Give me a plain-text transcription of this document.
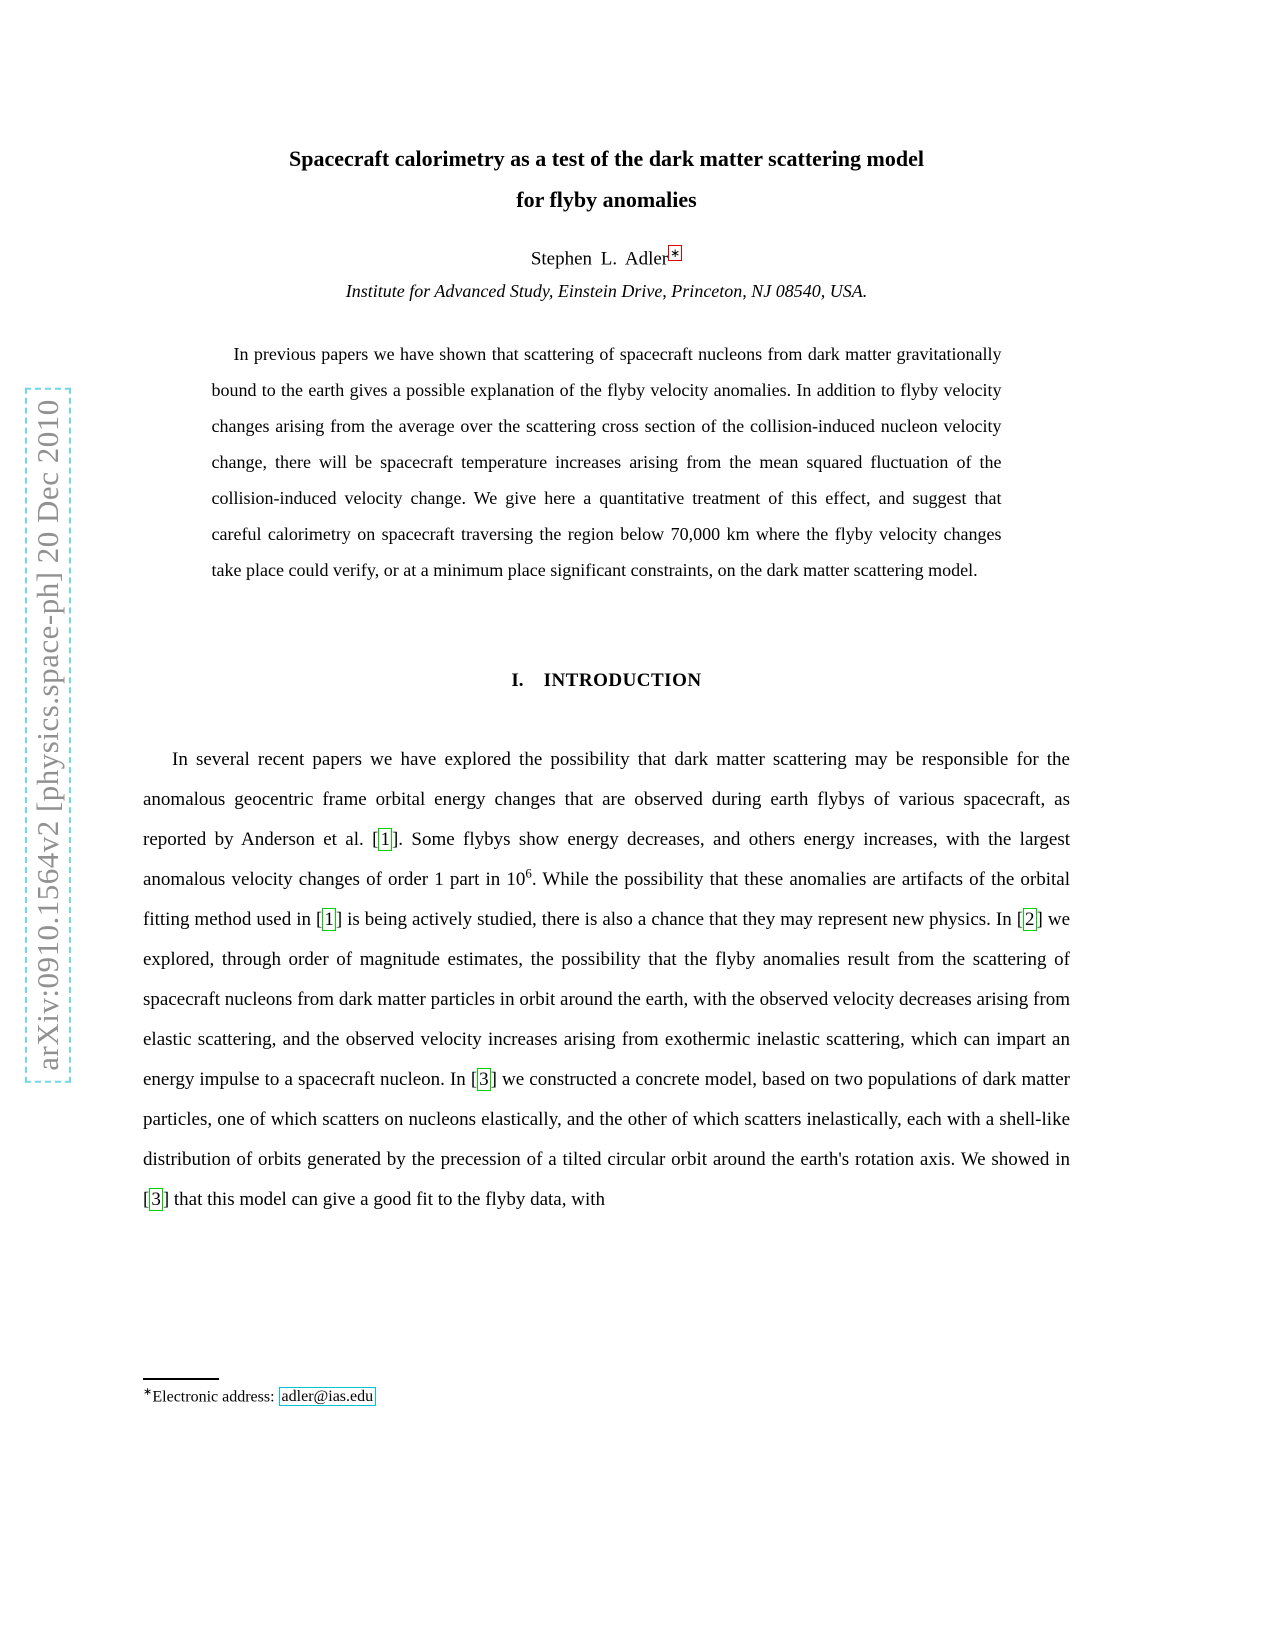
arXiv:0910.1564v2 [physics.space-ph] 20 Dec 2010
Spacecraft calorimetry as a test of the dark matter scattering model
for flyby anomalies
Stephen L. Adler ∗
Institute for Advanced Study, Einstein Drive, Princeton, NJ 08540, USA.

In previous papers we have shown that scattering of spacecraft nucleons from dark matter gravitationally bound to the earth gives a possible explanation of the flyby velocity anomalies. In addition to flyby velocity changes arising from the average over the scattering cross section of the collision-induced nucleon velocity change, there will be spacecraft temperature increases arising from the mean squared fluctuation of the collision-induced velocity change. We give here a quantitative treatment of this effect, and suggest that careful calorimetry on spacecraft traversing the region below 70,000 km where the flyby velocity changes take place could verify, or at a minimum place significant constraints, on the dark matter scattering model.

I. INTRODUCTION

In several recent papers we have explored the possibility that dark matter scattering may be responsible for the anomalous geocentric frame orbital energy changes that are observed during earth flybys of various spacecraft, as reported by Anderson et al. [ 1 ]. Some flybys show energy decreases, and others energy increases, with the largest anomalous velocity changes of order 1 part in $10^6$. While the possibility that these anomalies are artifacts of the orbital fitting method used in [ 1 ] is being actively studied, there is also a chance that they may represent new physics. In [ 2 ] we explored, through order of magnitude estimates, the possibility that the flyby anomalies result from the scattering of spacecraft nucleons from dark matter particles in orbit around the earth, with the observed velocity decreases arising from elastic scattering, and the observed velocity increases arising from exothermic inelastic scattering, which can impart an energy impulse to a spacecraft nucleon. In [ 3 ] we constructed a concrete model, based on two populations of dark matter particles, one of which scatters on nucleons elastically, and the other of which scatters inelastically, each with a shell-like distribution of orbits generated by the precession of a tilted circular orbit around the earth's rotation axis. We showed in [ 3 ] that this model can give a good fit to the flyby data, with

∗Electronic address: adler@ias.edu
